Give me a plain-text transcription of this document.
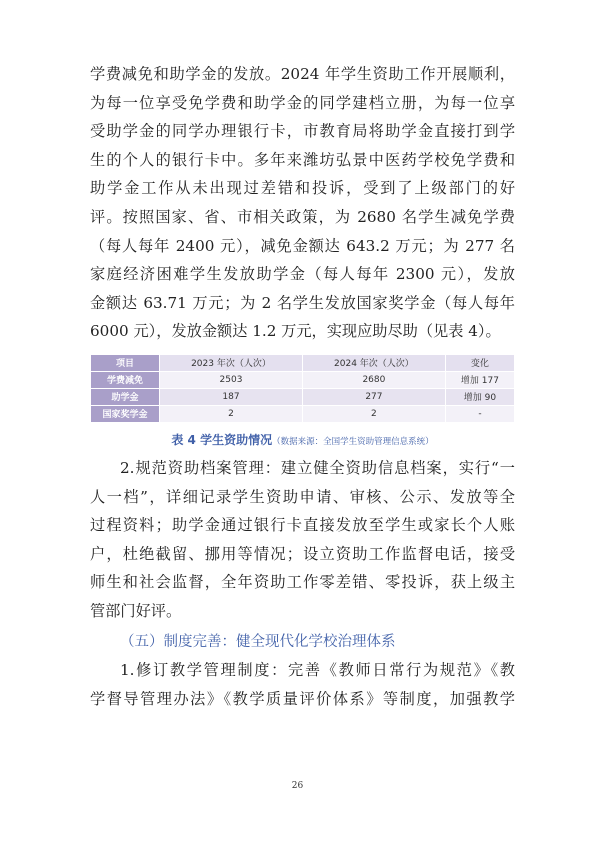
学费减免和助学金的发放。2024 年学生资助工作开展顺利，
为每一位享受免学费和助学金的同学建档立册，为每一位享
受助学金的同学办理银行卡，市教育局将助学金直接打到学
生的个人的银行卡中。多年来潍坊弘景中医药学校免学费和
助学金工作从未出现过差错和投诉，受到了上级部门的好
评。按照国家、省、市相关政策，为 2680 名学生减免学费
（每人每年 2400 元），减免金额达 643.2 万元；为 277 名
家庭经济困难学生发放助学金（每人每年 2300 元），发放
金额达 63.71 万元；为 2 名学生发放国家奖学金（每人每年
6000 元），发放金额达 1.2 万元，实现应助尽助（见表 4）。

项目	2023 年次（人次）	2024 年次（人次）	变化
学费减免	2503	2680	增加 177
助学金	187	277	增加 90
国家奖学金	2	2	-
表 4 学生资助情况（数据来源：全国学生资助管理信息系统）

2.规范资助档案管理：建立健全资助信息档案，实行“一
人一档”，详细记录学生资助申请、审核、公示、发放等全
过程资料；助学金通过银行卡直接发放至学生或家长个人账
户，杜绝截留、挪用等情况；设立资助工作监督电话，接受
师生和社会监督，全年资助工作零差错、零投诉，获上级主
管部门好评。

（五）制度完善：健全现代化学校治理体系

1.修订教学管理制度：完善《教师日常行为规范》《教
学督导管理办法》《教学质量评价体系》等制度，加强教学

26
